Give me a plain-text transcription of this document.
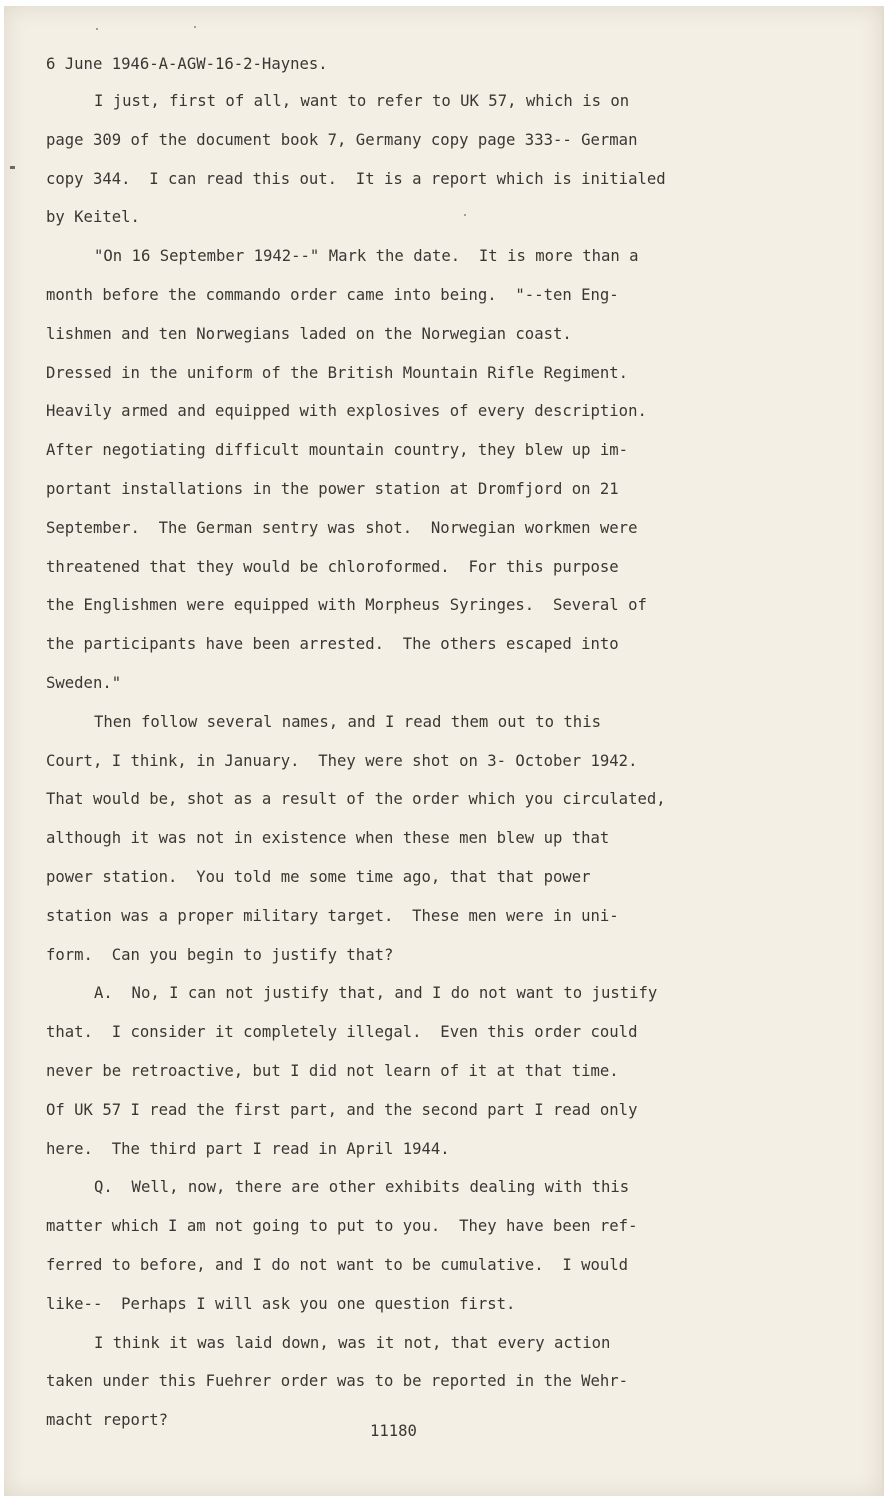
6 June 1946-A-AGW-16-2-Haynes.
I just, first of all, want to refer to UK 57, which is on
page 309 of the document book 7, Germany copy page 333-- German
copy 344.  I can read this out.  It is a report which is initialed
by Keitel.
"On 16 September 1942--" Mark the date.  It is more than a
month before the commando order came into being.  "--ten Eng-
lishmen and ten Norwegians laded on the Norwegian coast.
Dressed in the uniform of the British Mountain Rifle Regiment.
Heavily armed and equipped with explosives of every description.
After negotiating difficult mountain country, they blew up im-
portant installations in the power station at Dromfjord on 21
September.  The German sentry was shot.  Norwegian workmen were
threatened that they would be chloroformed.  For this purpose
the Englishmen were equipped with Morpheus Syringes.  Several of
the participants have been arrested.  The others escaped into
Sweden."
Then follow several names, and I read them out to this
Court, I think, in January.  They were shot on 3- October 1942.
That would be, shot as a result of the order which you circulated,
although it was not in existence when these men blew up that
power station.  You told me some time ago, that that power
station was a proper military target.  These men were in uni-
form.  Can you begin to justify that?
A.  No, I can not justify that, and I do not want to justify
that.  I consider it completely illegal.  Even this order could
never be retroactive, but I did not learn of it at that time.
Of UK 57 I read the first part, and the second part I read only
here.  The third part I read in April 1944.
Q.  Well, now, there are other exhibits dealing with this
matter which I am not going to put to you.  They have been ref-
ferred to before, and I do not want to be cumulative.  I would
like--  Perhaps I will ask you one question first.
I think it was laid down, was it not, that every action
taken under this Fuehrer order was to be reported in the Wehr-
macht report?
11180
